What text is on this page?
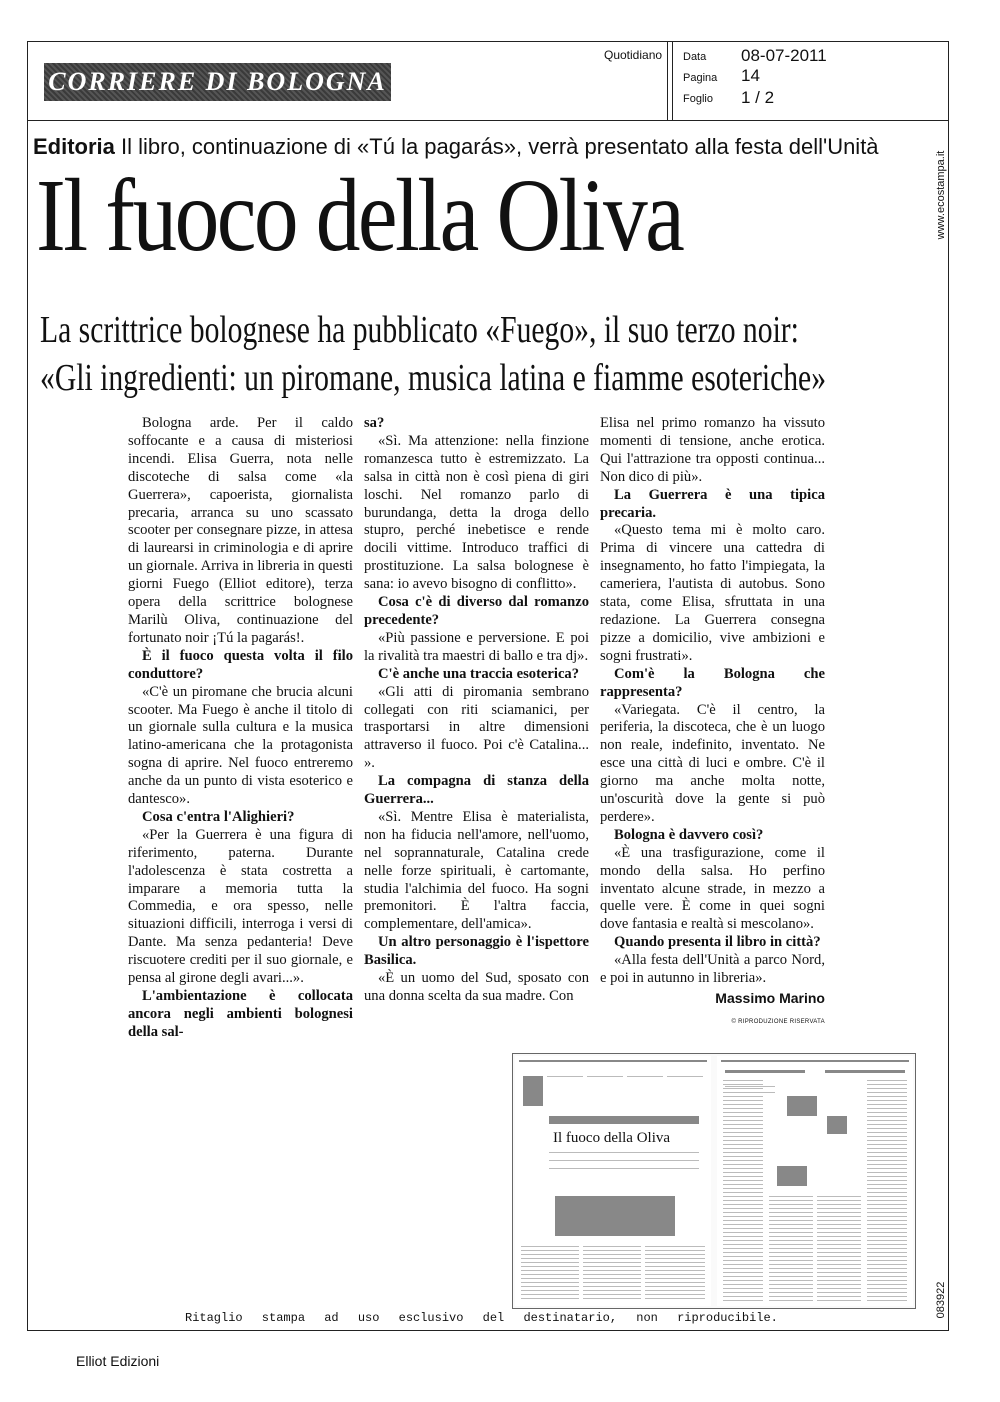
CORRIERE DI BOLOGNA
Quotidiano Data 08-07-2011
Pagina 14
Foglio 1 / 2
Editoria Il libro, continuazione di «Tú la pagarás», verrà presentato alla festa dell'Unità
Il fuoco della Oliva
La scrittrice bolognese ha pubblicato «Fuego», il suo terzo noir:
«Gli ingredienti: un piromane, musica latina e fiamme esoteriche»

Bologna arde. Per il caldo soffocante e a causa di misteriosi incendi. Elisa Guerra, nota nelle discoteche di salsa come «la Guerrera», capoerista, giornalista precaria, arranca su uno scassato scooter per consegnare pizze, in attesa di laurearsi in criminologia e di aprire un giornale. Arriva in libreria in questi giorni Fuego (Elliot editore), terza opera della scrittrice bolognese Marilù Oliva, continuazione del fortunato noir ¡Tú la pagarás!.

È il fuoco questa volta il filo conduttore?

«C'è un piromane che brucia alcuni scooter. Ma Fuego è anche il titolo di un giornale sulla cultura e la musica latino-americana che la protagonista sogna di aprire. Nel fuoco entreremo anche da un punto di vista esoterico e dantesco».

Cosa c'entra l'Alighieri?

«Per la Guerrera è una figura di riferimento, paterna. Durante l'adolescenza è stata costretta a imparare a memoria tutta la Commedia, e ora spesso, nelle situazioni difficili, interroga i versi di Dante. Ma senza pedanteria! Deve riscuotere crediti per il suo giornale, e pensa al girone degli avari...».

L'ambientazione è collocata ancora negli ambienti bolognesi della sal-

sa?

«Sì. Ma attenzione: nella finzione romanzesca tutto è estremizzato. La salsa in città non è così piena di giri loschi. Nel romanzo parlo di burundanga, detta la droga dello stupro, perché inebetisce e rende docili vittime. Introduco traffici di prostituzione. La salsa bolognese è sana: io avevo bisogno di conflitto».

Cosa c'è di diverso dal romanzo precedente?

«Più passione e perversione. E poi la rivalità tra maestri di ballo e tra dj».

C'è anche una traccia esoterica?

«Gli atti di piromania sembrano collegati con riti sciamanici, per trasportarsi in altre dimensioni attraverso il fuoco. Poi c'è Catalina... ».

La compagna di stanza della Guerrera...

«Sì. Mentre Elisa è materialista, non ha fiducia nell'amore, nell'uomo, nel soprannaturale, Catalina crede nelle forze spirituali, è cartomante, studia l'alchimia del fuoco. Ha sogni premonitori. È l'altra faccia, complementare, dell'amica».

Un altro personaggio è l'ispettore Basilica.

«È un uomo del Sud, sposato con una donna scelta da sua madre. Con

Elisa nel primo romanzo ha vissuto momenti di tensione, anche erotica. Qui l'attrazione tra opposti continua... Non dico di più».

La Guerrera è una tipica precaria.

«Questo tema mi è molto caro. Prima di vincere una cattedra di insegnamento, ho fatto l'impiegata, la cameriera, l'autista di autobus. Sono stata, come Elisa, sfruttata in una redazione. La Guerrera consegna pizze a domicilio, vive ambizioni e sogni frustrati».

Com'è la Bologna che rappresenta?

«Variegata. C'è il centro, la periferia, la discoteca, che è un luogo non reale, indefinito, inventato. Ne esce una città di luci e ombre. C'è il giorno ma anche molta notte, un'oscurità dove la gente si può perdere».

Bologna è davvero così?

«È una trasfigurazione, come il mondo della salsa. Ho perfino inventato alcune strade, in mezzo a quelle vere. È come in quei sogni dove fantasia e realtà si mescolano».

Quando presenta il libro in città?

«Alla festa dell'Unità a parco Nord, e poi in autunno in libreria».

Massimo Marino
© RIPRODUZIONE RISERVATA
www.ecostampa.it
083922
Il fuoco della Oliva
Ritaglio stampa ad uso esclusivo del destinatario, non riproducibile.
Elliot Edizioni
